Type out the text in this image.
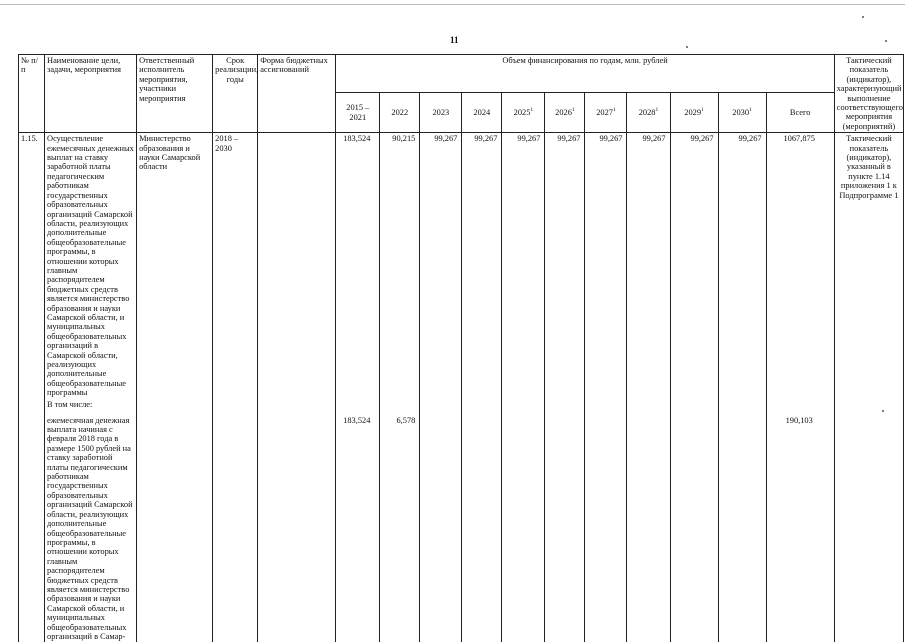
11
№ п/п	Наименование цели, задачи, мероприятия	Ответственный исполнитель мероприятия, участники мероприятия	Срок реализации, годы	Форма бюджетных ассигнований	Объем финансирования по годам, млн. рублей											Тактический показатель (индикатор), характеризующий выполнение соответствующего мероприятия (мероприятий)
					2015 – 2021	2022	2023	2024	2025$^1$	2026$^1$	2027$^1$	2028$^1$	2029$^1$	2030$^1$	Всего	
1.15.	Осуществление ежемесячных денежных выплат на ставку заработной платы педагогическим работникам государственных образовательных организаций Самарской области, реализующих дополнительные общеобразовательные программы, в отношении которых главным распорядителем бюджетных средств является министерство образования и науки Самарской области, и муниципальных общеобразовательных организаций в Самарской области, реализующих дополнительные общеобразовательные программы	Министерство образования и науки Самарской области	2018 – 2030		183,524	90,215	99,267	99,267	99,267	99,267	99,267	99,267	99,267	99,267	1067,875	Тактический показатель (индикатор), указанный в пункте 1.14 приложения 1 к Подпрограмме 1
	В том числе:															
	ежемесячная денежная выплата начиная с февраля 2018 года в размере 1500 рублей на ставку заработной платы педагогическим работникам государственных образовательных организаций Самарской области, реализующих дополнительные общеобразовательные программы, в отношении которых главным распорядителем бюджетных средств является министерство образования и науки Самарской области, и муниципальных общеобразовательных организаций в Самар-				183,524	6,578									190,103	
